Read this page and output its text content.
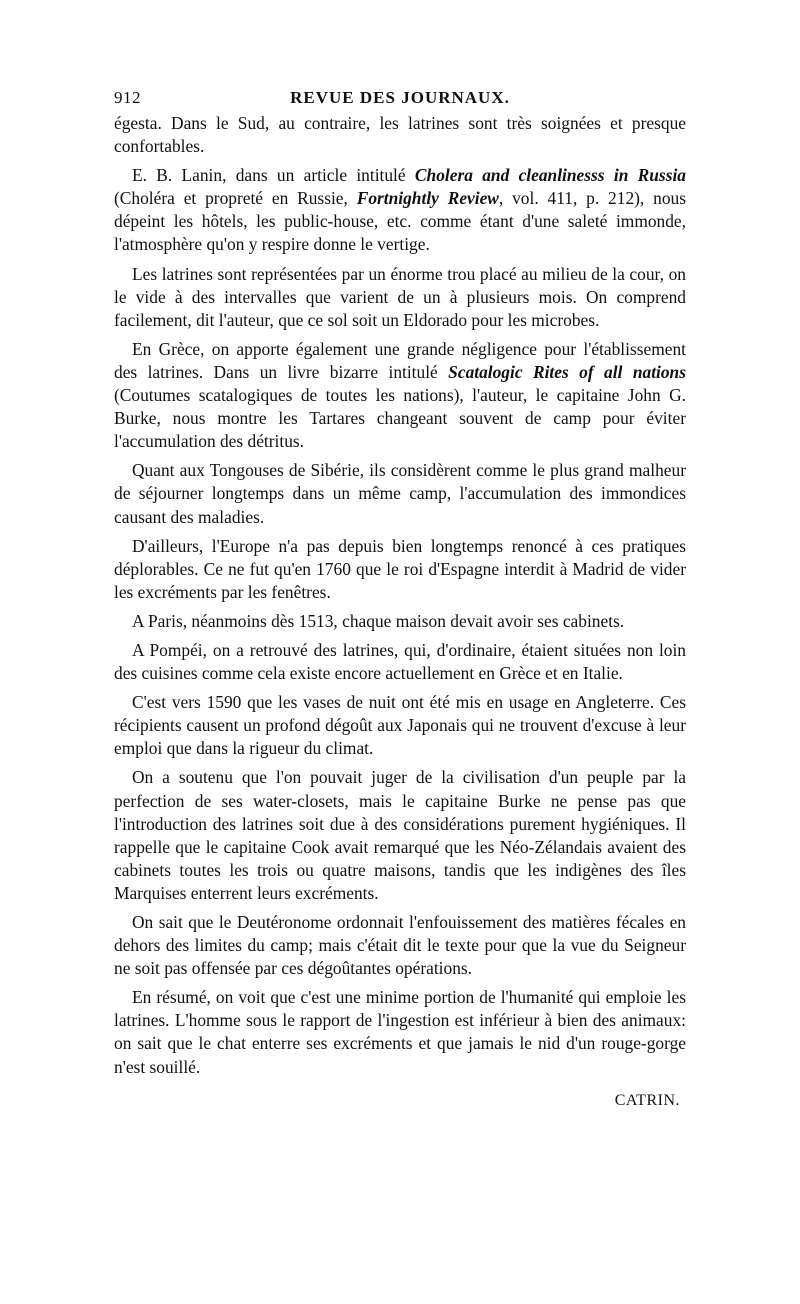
912	REVUE DES JOURNAUX.

égesta. Dans le Sud, au contraire, les latrines sont très soignées et presque confortables.

E. B. Lanin, dans un article intitulé Cholera and cleanlinesss in Russia (Choléra et propreté en Russie, Fortnightly Review, vol. 411, p. 212), nous dépeint les hôtels, les public-house, etc. comme étant d'une saleté immonde, l'atmosphère qu'on y respire donne le vertige.

Les latrines sont représentées par un énorme trou placé au milieu de la cour, on le vide à des intervalles que varient de un à plusieurs mois. On comprend facilement, dit l'auteur, que ce sol soit un Eldorado pour les microbes.

En Grèce, on apporte également une grande négligence pour l'établissement des latrines. Dans un livre bizarre intitulé Scatalogic Rites of all nations (Coutumes scatalogiques de toutes les nations), l'auteur, le capitaine John G. Burke, nous montre les Tartares changeant souvent de camp pour éviter l'accumulation des détritus.

Quant aux Tongouses de Sibérie, ils considèrent comme le plus grand malheur de séjourner longtemps dans un même camp, l'accumulation des immondices causant des maladies.

D'ailleurs, l'Europe n'a pas depuis bien longtemps renoncé à ces pratiques déplorables. Ce ne fut qu'en 1760 que le roi d'Espagne interdit à Madrid de vider les excréments par les fenêtres.

A Paris, néanmoins dès 1513, chaque maison devait avoir ses cabinets.

A Pompéi, on a retrouvé des latrines, qui, d'ordinaire, étaient situées non loin des cuisines comme cela existe encore actuellement en Grèce et en Italie.

C'est vers 1590 que les vases de nuit ont été mis en usage en Angleterre. Ces récipients causent un profond dégoût aux Japonais qui ne trouvent d'excuse à leur emploi que dans la rigueur du climat.

On a soutenu que l'on pouvait juger de la civilisation d'un peuple par la perfection de ses water-closets, mais le capitaine Burke ne pense pas que l'introduction des latrines soit due à des considérations purement hygiéniques. Il rappelle que le capitaine Cook avait remarqué que les Néo-Zélandais avaient des cabinets toutes les trois ou quatre maisons, tandis que les indigènes des îles Marquises enterrent leurs excréments.

On sait que le Deutéronome ordonnait l'enfouissement des matières fécales en dehors des limites du camp; mais c'était dit le texte pour que la vue du Seigneur ne soit pas offensée par ces dégoûtantes opérations.

En résumé, on voit que c'est une minime portion de l'humanité qui emploie les latrines. L'homme sous le rapport de l'ingestion est inférieur à bien des animaux: on sait que le chat enterre ses excréments et que jamais le nid d'un rouge-gorge n'est souillé.

CATRIN.
